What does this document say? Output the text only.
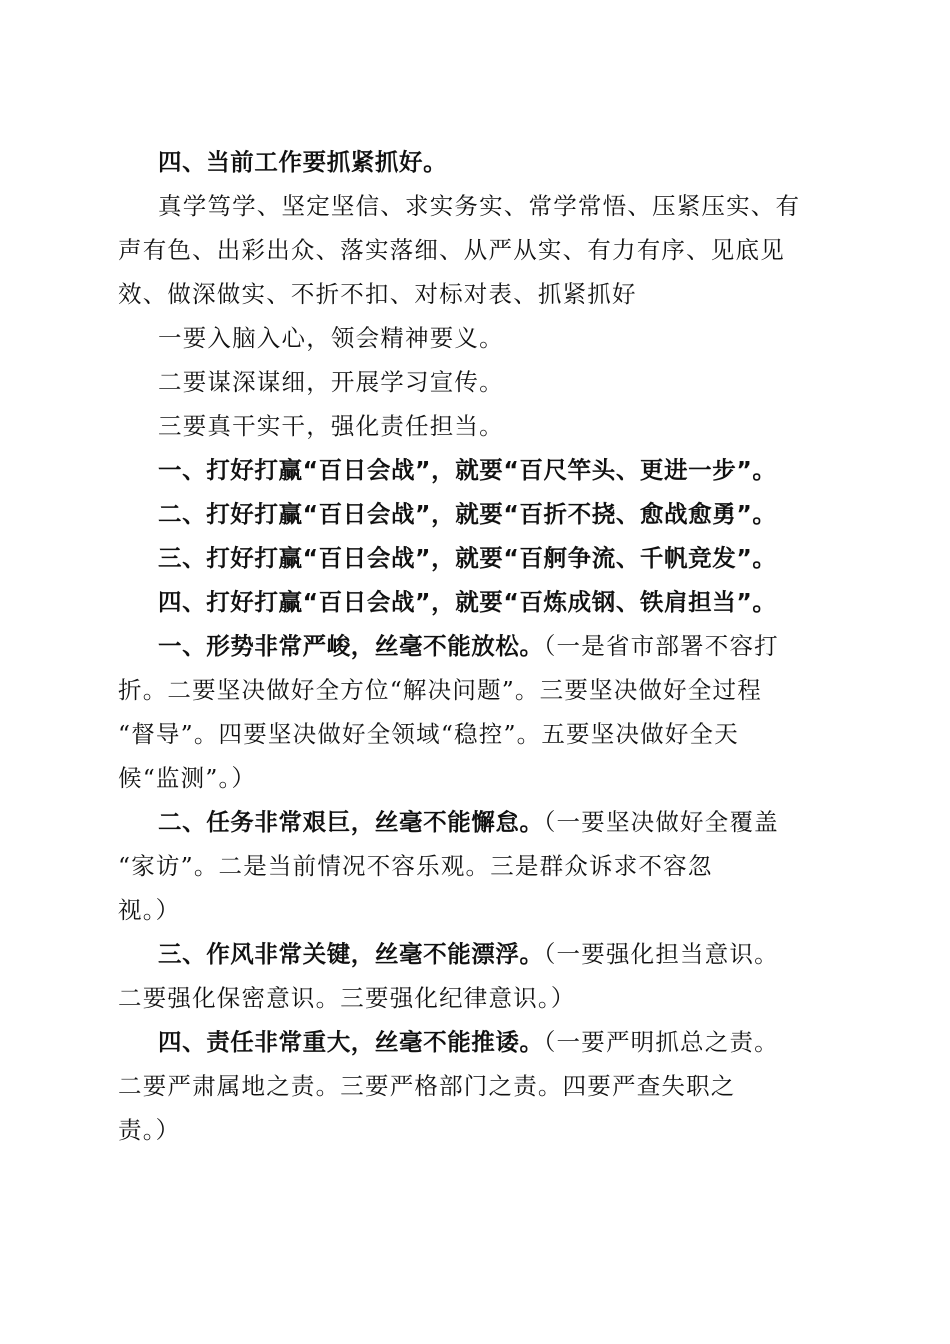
四、当前工作要抓紧抓好。
真学笃学、坚定坚信、求实务实、常学常悟、压紧压实、有
声有色、出彩出众、落实落细、从严从实、有力有序、见底见
效、做深做实、不折不扣、对标对表、抓紧抓好
一要入脑入心，领会精神要义。
二要谋深谋细，开展学习宣传。
三要真干实干，强化责任担当。
一、打好打赢“百日会战”，就要“百尺竿头、更进一步”。
二、打好打赢“百日会战”，就要“百折不挠、愈战愈勇”。
三、打好打赢“百日会战”，就要“百舸争流、千帆竞发”。
四、打好打赢“百日会战”，就要“百炼成钢、铁肩担当”。
一、形势非常严峻，丝毫不能放松。（一是省市部署不容打
折。二要坚决做好全方位“解决问题”。三要坚决做好全过程
“督导”。四要坚决做好全领域“稳控”。五要坚决做好全天
候“监测”。）
二、任务非常艰巨，丝毫不能懈怠。（一要坚决做好全覆盖
“家访”。二是当前情况不容乐观。三是群众诉求不容忽
视。）
三、作风非常关键，丝毫不能漂浮。（一要强化担当意识。
二要强化保密意识。三要强化纪律意识。）
四、责任非常重大，丝毫不能推诿。（一要严明抓总之责。
二要严肃属地之责。三要严格部门之责。四要严查失职之
责。）
